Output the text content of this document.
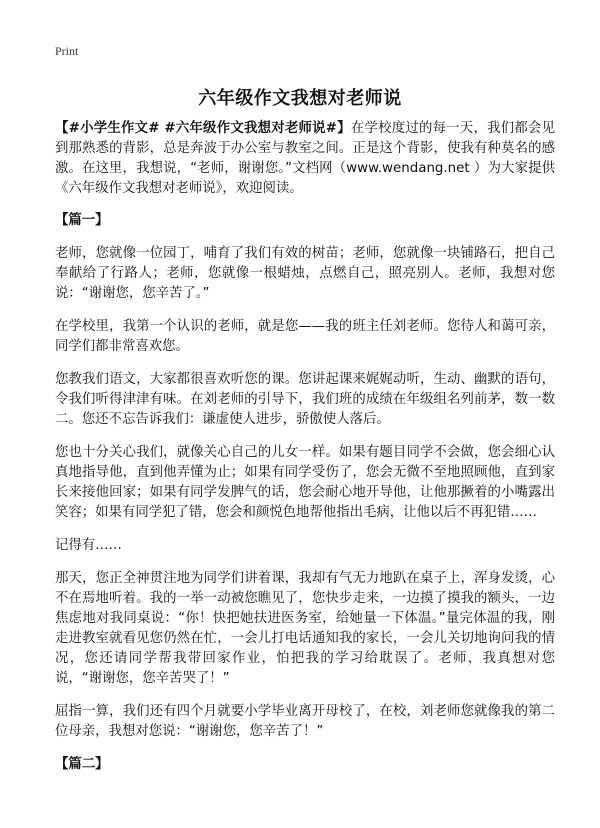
Print
六年级作文我想对老师说

【#小学生作文# #六年级作文我想对老师说#】在学校度过的每一天，我们都会见到那熟悉的背影，总是奔波于办公室与教室之间。正是这个背影，使我有种莫名的感激。在这里，我想说，“老师，谢谢您。”文档网（www.wendang.net ）为大家提供《六年级作文我想对老师说》，欢迎阅读。

【篇一】

老师，您就像一位园丁，哺育了我们有效的树苗；老师，您就像一块铺路石，把自己奉献给了行路人；老师，您就像一根蜡烛，点燃自己，照亮别人。老师，我想对您说：“谢谢您，您辛苦了。”

在学校里，我第一个认识的老师，就是您——我的班主任刘老师。您待人和蔼可亲，同学们都非常喜欢您。

您教我们语文，大家都很喜欢听您的课。您讲起课来娓娓动听，生动、幽默的语句，令我们听得津津有味。在刘老师的引导下，我们班的成绩在年级组名列前茅，数一数二。您还不忘告诉我们：谦虚使人进步，骄傲使人落后。

您也十分关心我们，就像关心自己的儿女一样。如果有题目同学不会做，您会细心认真地指导他，直到他弄懂为止；如果有同学受伤了，您会无微不至地照顾他，直到家长来接他回家；如果有同学发脾气的话，您会耐心地开导他，让他那撅着的小嘴露出笑容；如果有同学犯了错，您会和颜悦色地帮他指出毛病，让他以后不再犯错……

记得有……

那天，您正全神贯注地为同学们讲着课，我却有气无力地趴在桌子上，浑身发烫，心不在焉地听着。我的一举一动被您瞧见了，您快步走来，一边摸了摸我的额头，一边焦虑地对我同桌说：“你！快把她扶进医务室，给她量一下体温。”量完体温的我，刚走进教室就看见您仍然在忙，一会儿打电话通知我的家长，一会儿关切地询问我的情况，您还请同学帮我带回家作业，怕把我的学习给耽误了。老师，我真想对您说，“谢谢您，您辛苦哭了！”

屈指一算，我们还有四个月就要小学毕业离开母校了，在校，刘老师您就像我的第二位母亲，我想对您说：“谢谢您，您辛苦了！”

【篇二】
